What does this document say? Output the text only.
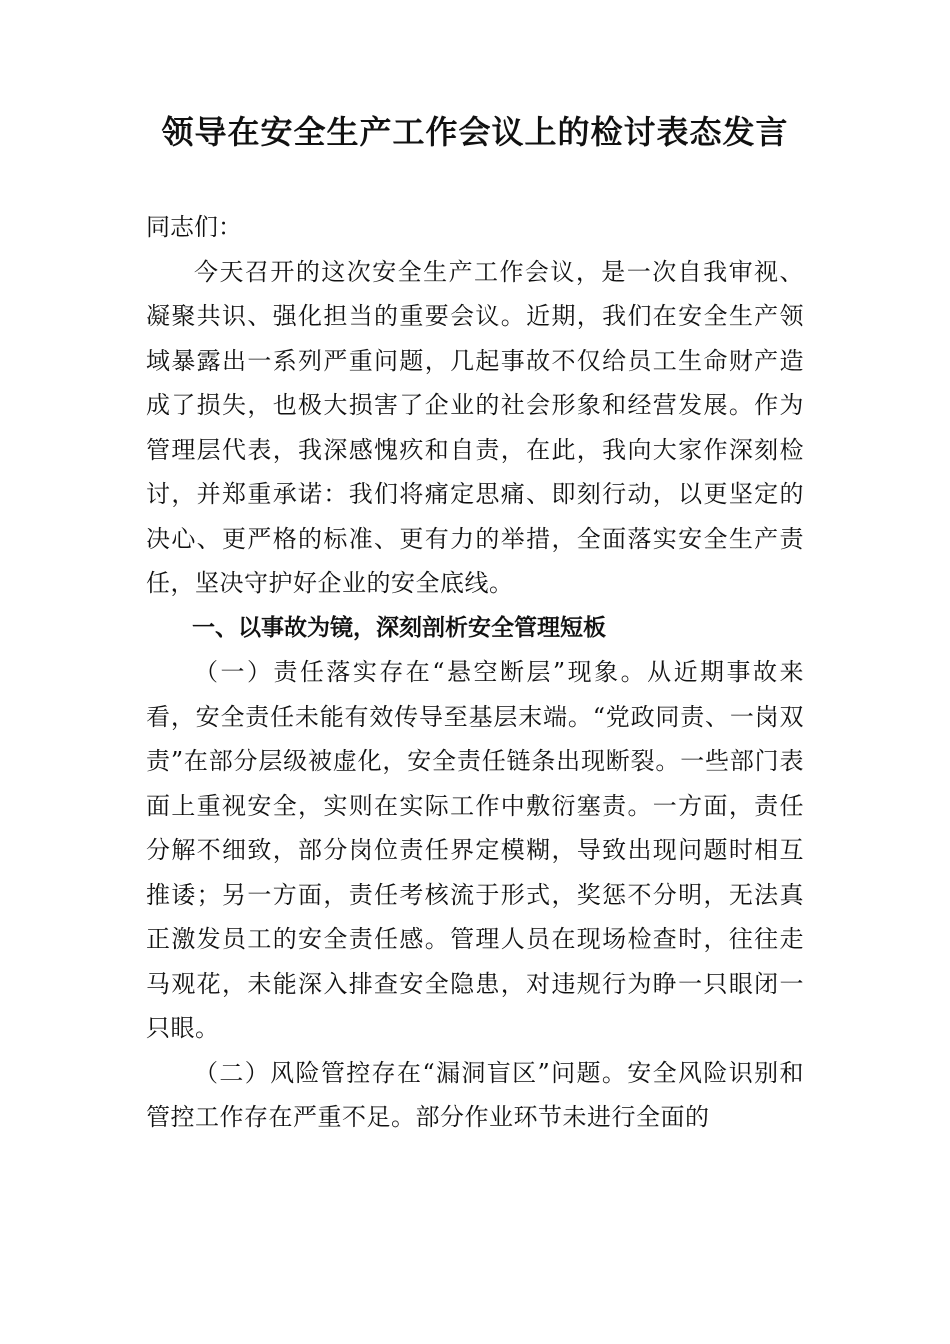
领导在安全生产工作会议上的检讨表态发言

同志们：

今天召开的这次安全生产工作会议，是一次自我审视、凝聚共识、强化担当的重要会议。近期，我们在安全生产领域暴露出一系列严重问题，几起事故不仅给员工生命财产造成了损失，也极大损害了企业的社会形象和经营发展。作为管理层代表，我深感愧疚和自责，在此，我向大家作深刻检讨，并郑重承诺：我们将痛定思痛、即刻行动，以更坚定的决心、更严格的标准、更有力的举措，全面落实安全生产责任，坚决守护好企业的安全底线。

一、以事故为镜，深刻剖析安全管理短板

（一）责任落实存在“悬空断层”现象。从近期事故来看，安全责任未能有效传导至基层末端。“党政同责、一岗双责”在部分层级被虚化，安全责任链条出现断裂。一些部门表面上重视安全，实则在实际工作中敷衍塞责。一方面，责任分解不细致，部分岗位责任界定模糊，导致出现问题时相互推诿；另一方面，责任考核流于形式，奖惩不分明，无法真正激发员工的安全责任感。管理人员在现场检查时，往往走马观花，未能深入排查安全隐患，对违规行为睁一只眼闭一只眼。

（二）风险管控存在“漏洞盲区”问题。安全风险识别和管控工作存在严重不足。部分作业环节未进行全面的
